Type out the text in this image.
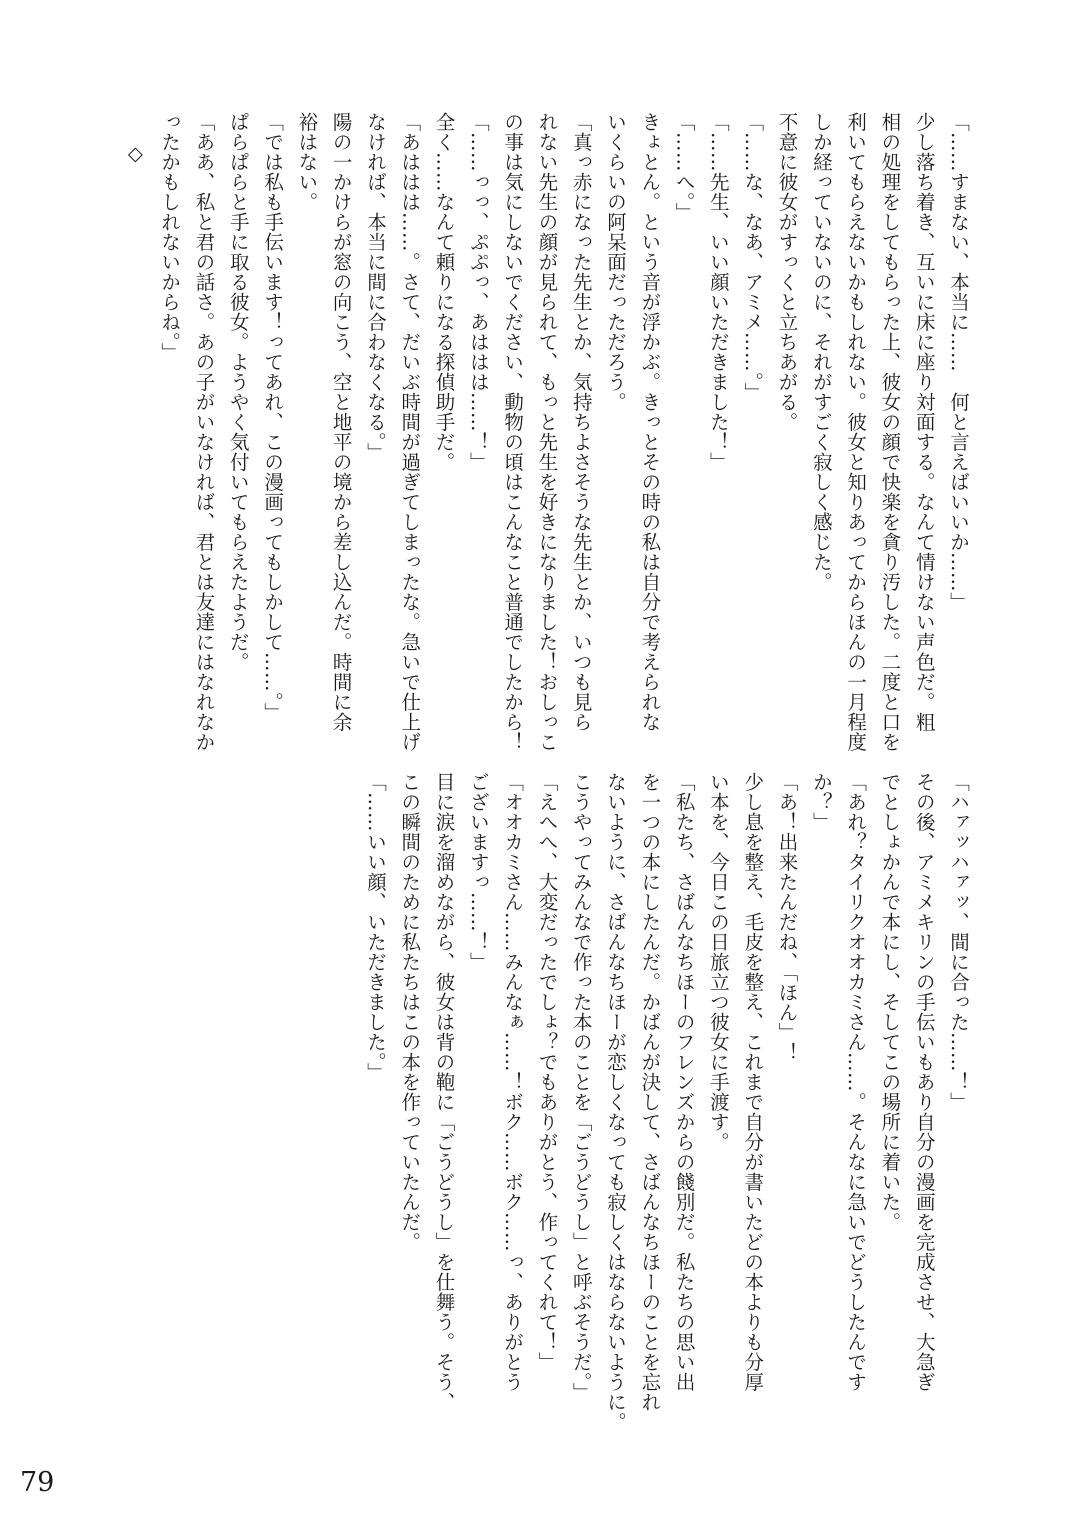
「……すまない、本当に……　何と言えばいいか……」

少し落ち着き、互いに床に座り対面する。なんて情けない声色だ。粗

相の処理をしてもらった上、彼女の顔で快楽を貪り汚した。二度と口を

利いてもらえないかもしれない。彼女と知りあってからほんの一月程度

しか経っていないのに、それがすごく寂しく感じた。

不意に彼女がすっくと立ちあがる。

「……な、なあ、アミメ……。」

「……先生、いい顔いただきました！」

「……へ。」

きょとん。という音が浮かぶ。きっとその時の私は自分で考えられな

いくらいの阿呆面だっただろう。

「真っ赤になった先生とか、気持ちよさそうな先生とか、いつも見ら

れない先生の顔が見られて、もっと先生を好きになりました！おしっこ

の事は気にしないでください、動物の頃はこんなこと普通でしたから！

「……っっ、ぷぷっ、あははは……！」

全く……なんて頼りになる探偵助手だ。

「あははは……。さて、だいぶ時間が過ぎてしまったな。急いで仕上げ

なければ、本当に間に合わなくなる。」

陽の一かけらが窓の向こう、空と地平の境から差し込んだ。時間に余

裕はない。

「では私も手伝います！ってあれ、この漫画ってもしかして……。」

ぱらぱらと手に取る彼女。ようやく気付いてもらえたようだ。

「ああ、私と君の話さ。あの子がいなければ、君とは友達にはなれなか

ったかもしれないからね。」

◇

「ハァッハァッ、間に合った……！」

その後、アミメキリンの手伝いもあり自分の漫画を完成させ、大急ぎ

でとしょかんで本にし、そしてこの場所に着いた。

「あれ？タイリクオオカミさん……。そんなに急いでどうしたんです

か？」

「あ！出来たんだね、「ほん」！

少し息を整え、毛皮を整え、これまで自分が書いたどの本よりも分厚

い本を、今日この日旅立つ彼女に手渡す。

「私たち、さばんなちほーのフレンズからの餞別だ。私たちの思い出

を一つの本にしたんだ。かばんが決して、さばんなちほーのことを忘れ

ないように、さばんなちほーが恋しくなっても寂しくはならないように。

こうやってみんなで作った本のことを「ごうどうし」と呼ぶそうだ。」

「えへへ、大変だったでしょ？でもありがとう、作ってくれて！」

「オオカミさん……みんなぁ……！ボク……ボク……っ、ありがとう

ございますっ……！」

目に涙を溜めながら、彼女は背の鞄に「ごうどうし」を仕舞う。そう、

この瞬間のために私たちはこの本を作っていたんだ。

「……いい顔、いただきました。」

79
